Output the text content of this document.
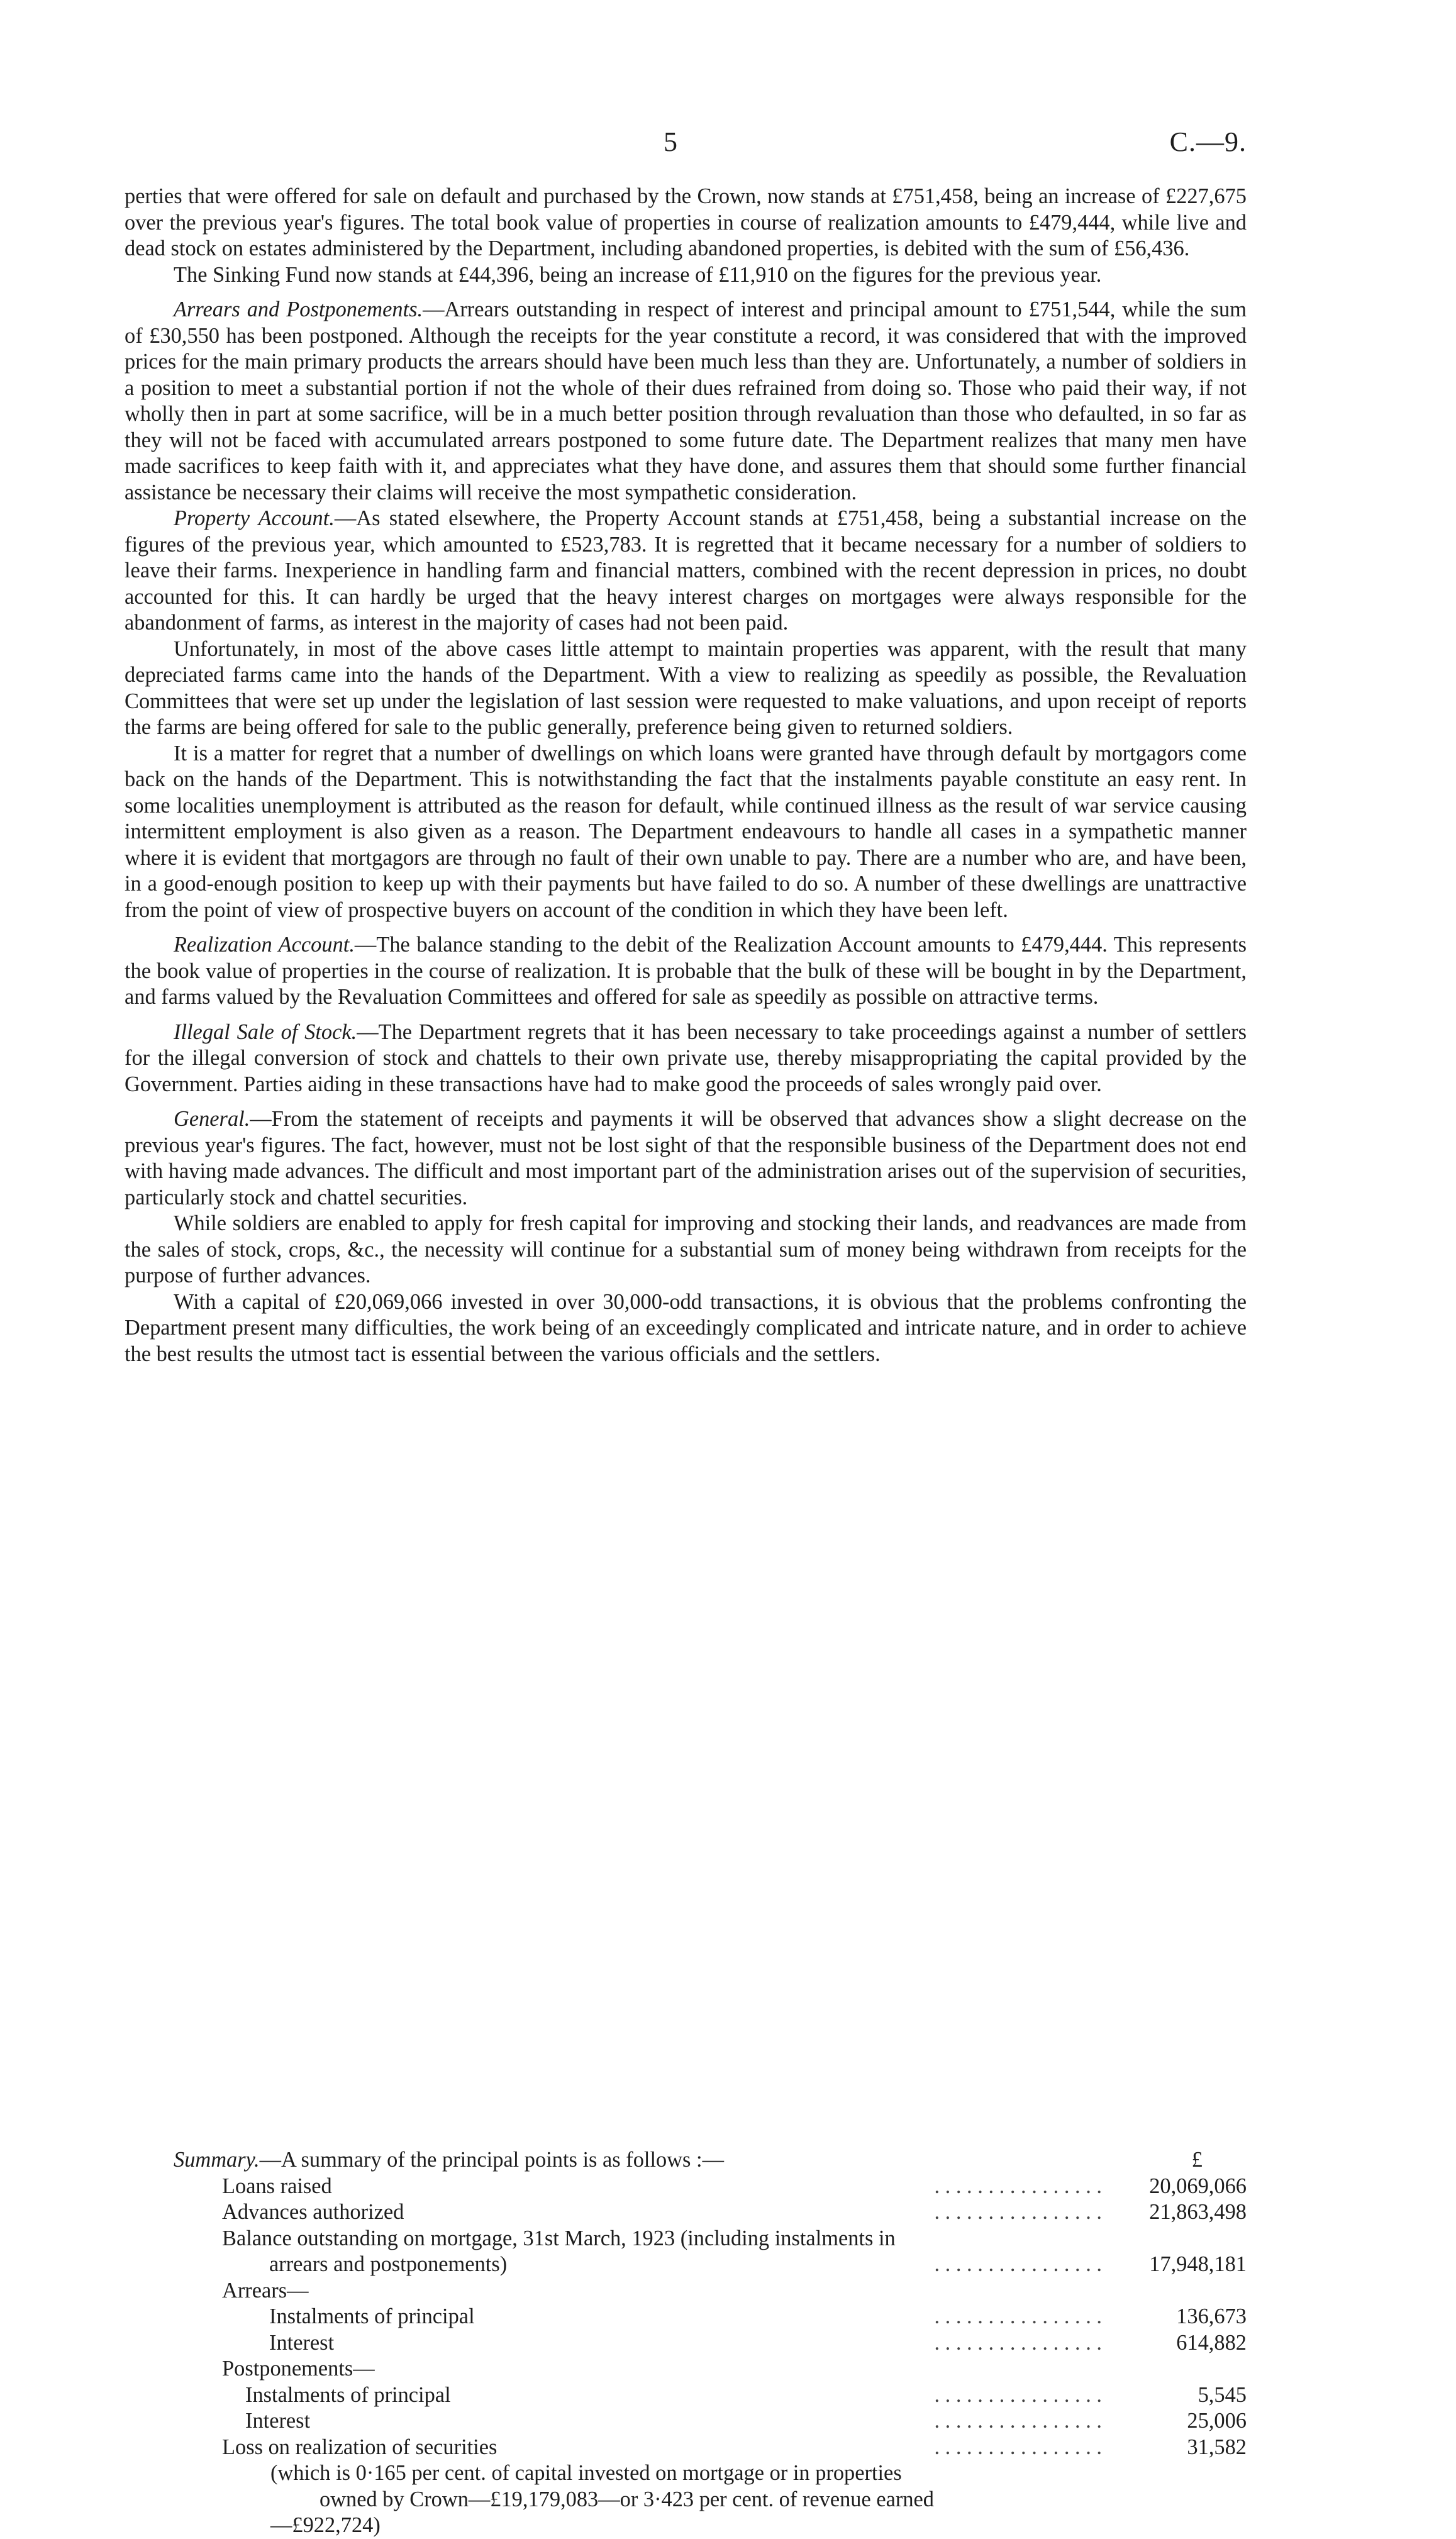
5	C.—9.

perties that were offered for sale on default and purchased by the Crown, now stands at £751,458, being an increase of £227,675 over the previous year's figures. The total book value of properties in course of realization amounts to £479,444, while live and dead stock on estates administered by the Department, including abandoned properties, is debited with the sum of £56,436.

The Sinking Fund now stands at £44,396, being an increase of £11,910 on the figures for the previous year.

Arrears and Postponements.—Arrears outstanding in respect of interest and principal amount to £751,544, while the sum of £30,550 has been postponed. Although the receipts for the year constitute a record, it was considered that with the improved prices for the main primary products the arrears should have been much less than they are. Unfortunately, a number of soldiers in a position to meet a substantial portion if not the whole of their dues refrained from doing so. Those who paid their way, if not wholly then in part at some sacrifice, will be in a much better position through revaluation than those who defaulted, in so far as they will not be faced with accumulated arrears postponed to some future date. The Department realizes that many men have made sacrifices to keep faith with it, and appreciates what they have done, and assures them that should some further financial assistance be necessary their claims will receive the most sympathetic consideration.

Property Account.—As stated elsewhere, the Property Account stands at £751,458, being a substantial increase on the figures of the previous year, which amounted to £523,783. It is regretted that it became necessary for a number of soldiers to leave their farms. Inexperience in handling farm and financial matters, combined with the recent depression in prices, no doubt accounted for this. It can hardly be urged that the heavy interest charges on mortgages were always responsible for the abandonment of farms, as interest in the majority of cases had not been paid.

Unfortunately, in most of the above cases little attempt to maintain properties was apparent, with the result that many depreciated farms came into the hands of the Department. With a view to realizing as speedily as possible, the Revaluation Committees that were set up under the legislation of last session were requested to make valuations, and upon receipt of reports the farms are being offered for sale to the public generally, preference being given to returned soldiers.

It is a matter for regret that a number of dwellings on which loans were granted have through default by mortgagors come back on the hands of the Department. This is notwithstanding the fact that the instalments payable constitute an easy rent. In some localities unemployment is attributed as the reason for default, while continued illness as the result of war service causing intermittent employment is also given as a reason. The Department endeavours to handle all cases in a sympathetic manner where it is evident that mortgagors are through no fault of their own unable to pay. There are a number who are, and have been, in a good-enough position to keep up with their payments but have failed to do so. A number of these dwellings are unattractive from the point of view of prospective buyers on account of the condition in which they have been left.

Realization Account.—The balance standing to the debit of the Realization Account amounts to £479,444. This represents the book value of properties in the course of realization. It is probable that the bulk of these will be bought in by the Department, and farms valued by the Revaluation Committees and offered for sale as speedily as possible on attractive terms.

Illegal Sale of Stock.—The Department regrets that it has been necessary to take proceedings against a number of settlers for the illegal conversion of stock and chattels to their own private use, thereby misappropriating the capital provided by the Government. Parties aiding in these transactions have had to make good the proceeds of sales wrongly paid over.

General.—From the statement of receipts and payments it will be observed that advances show a slight decrease on the previous year's figures. The fact, however, must not be lost sight of that the responsible business of the Department does not end with having made advances. The difficult and most important part of the administration arises out of the supervision of securities, particularly stock and chattel securities.

While soldiers are enabled to apply for fresh capital for improving and stocking their lands, and readvances are made from the sales of stock, crops, &c., the necessity will continue for a substantial sum of money being withdrawn from receipts for the purpose of further advances.

With a capital of £20,069,066 invested in over 30,000-odd transactions, it is obvious that the problems confronting the Department present many difficulties, the work being of an exceedingly complicated and intricate nature, and in order to achieve the best results the utmost tact is essential between the various officials and the settlers.

Summary.—A summary of the principal points is as follows :—	£
Loans raised	. . . . . . . . . . . . . . . . 20,069,066
Advances authorized	. . . . . . . . . . . . . . . . 21,863,498
Balance outstanding on mortgage, 31st March, 1923 (including instalments in
arrears and postponements)	. . . . . . . . . . . . . . . . 17,948,181
Arrears—
Instalments of principal	. . . . . . . . . . . . . . . .	136,673
Interest	. . . . . . . . . . . . . . . .	614,882
Postponements—
Instalments of principal	. . . . . . . . . . . . . . . .	5,545
Interest	. . . . . . . . . . . . . . . .	25,006
Loss on realization of securities	. . . . . . . . . . . . . . . .	31,582
(which is 0·165 per cent. of capital invested on mortgage or in properties
owned by Crown—£19,179,083—or 3·423 per cent. of revenue earned
—£922,724)
